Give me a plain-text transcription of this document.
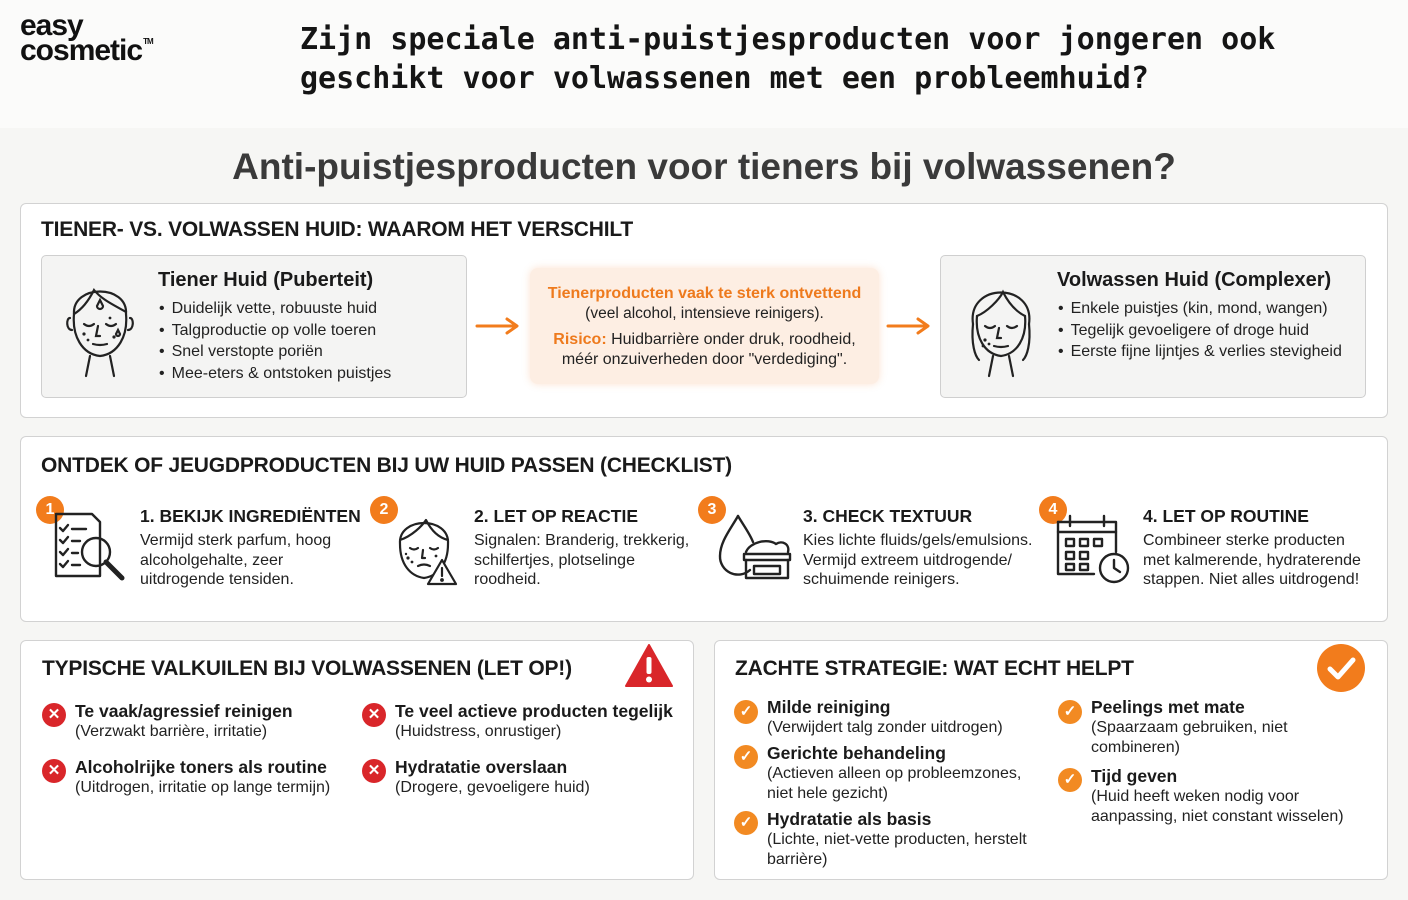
easy
cosmetic™	Zijn speciale anti-puistjesproducten voor jongeren ook geschikt voor volwassenen met een probleemhuid?
Anti-puistjesproducten voor tieners bij volwassenen?
TIENER- VS. VOLWASSEN HUID: WAAROM HET VERSCHILT
Tiener Huid (Puberteit)
• Duidelijk vette, robuuste huid
• Talgproductie op volle toeren
• Snel verstopte poriën
• Mee-eters & ontstoken puistjes
Tienerproducten vaak te sterk ontvettend
(veel alcohol, intensieve reinigers).
Risico: Huidbarrière onder druk, roodheid,
méér onzuiverheden door "verdediging".
Volwassen Huid (Complexer)
• Enkele puistjes (kin, mond, wangen)
• Tegelijk gevoeligere of droge huid
• Eerste fijne lijntjes & verlies stevigheid
ONTDEK OF JEUGDPRODUCTEN BIJ UW HUID PASSEN (CHECKLIST)
1	1. BEKIJK INGREDIËNTEN
Vermijd sterk parfum, hoog
alcoholgehalte, zeer
uitdrogende tensiden.
2	2. LET OP REACTIE
Signalen: Branderig, trekkerig,
schilfertjes, plotselinge
roodheid.
3	3. CHECK TEXTUUR
Kies lichte fluids/gels/emulsions.
Vermijd extreem uitdrogende/
schuimende reinigers.
4	4. LET OP ROUTINE
Combineer sterke producten
met kalmerende, hydraterende
stappen. Niet alles uitdrogend!
TYPISCHE VALKUILEN BIJ VOLWASSENEN (LET OP!)
✕ Te vaak/agressief reinigen
(Verzwakt barrière, irritatie)
✕ Te veel actieve producten tegelijk
(Huidstress, onrustiger)
✕ Alcoholrijke toners als routine
(Uitdrogen, irritatie op lange termijn)
✕ Hydratatie overslaan
(Drogere, gevoeligere huid)
ZACHTE STRATEGIE: WAT ECHT HELPT
✓ Milde reiniging
(Verwijdert talg zonder uitdrogen)
✓ Gerichte behandeling
(Actieven alleen op probleemzones,
niet hele gezicht)
✓ Hydratatie als basis
(Lichte, niet-vette producten, herstelt
barrière)
✓ Peelings met mate
(Spaarzaam gebruiken, niet
combineren)
✓ Tijd geven
(Huid heeft weken nodig voor
aanpassing, niet constant wisselen)
